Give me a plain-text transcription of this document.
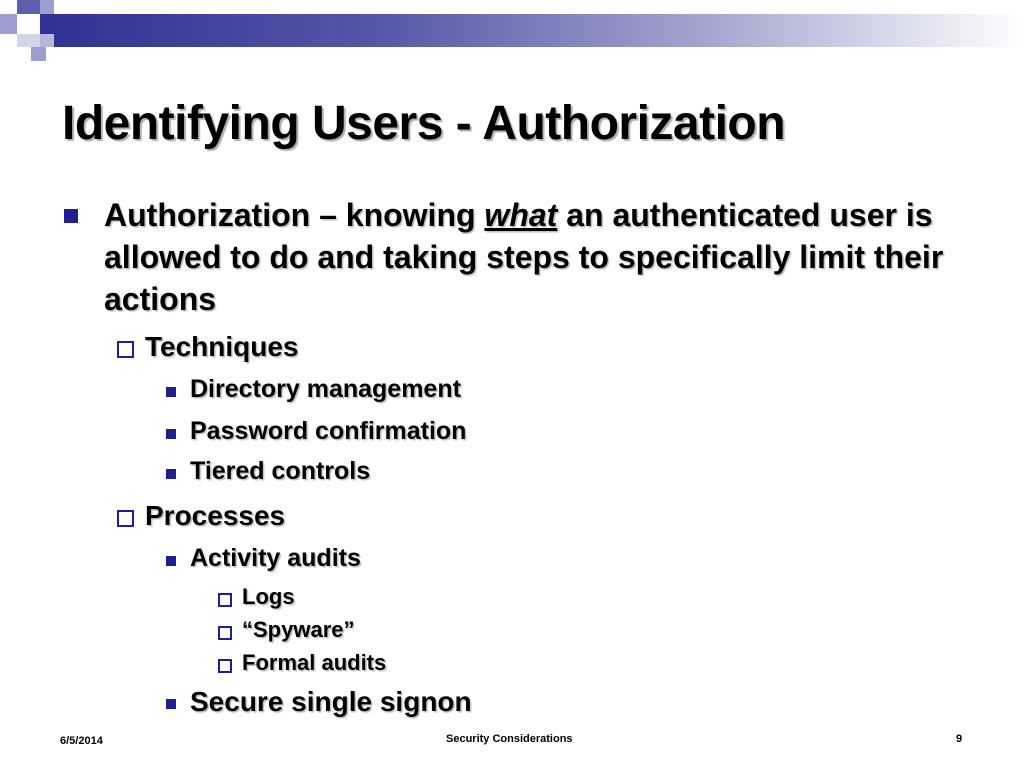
Identifying Users - Authorization
Authorization – knowing what an authenticated user is allowed to do and taking steps to specifically limit their actions
Techniques
Directory management
Password confirmation
Tiered controls
Processes
Activity audits
Logs
“Spyware”
Formal audits
Secure single signon
6/5/2014	Security Considerations	9
